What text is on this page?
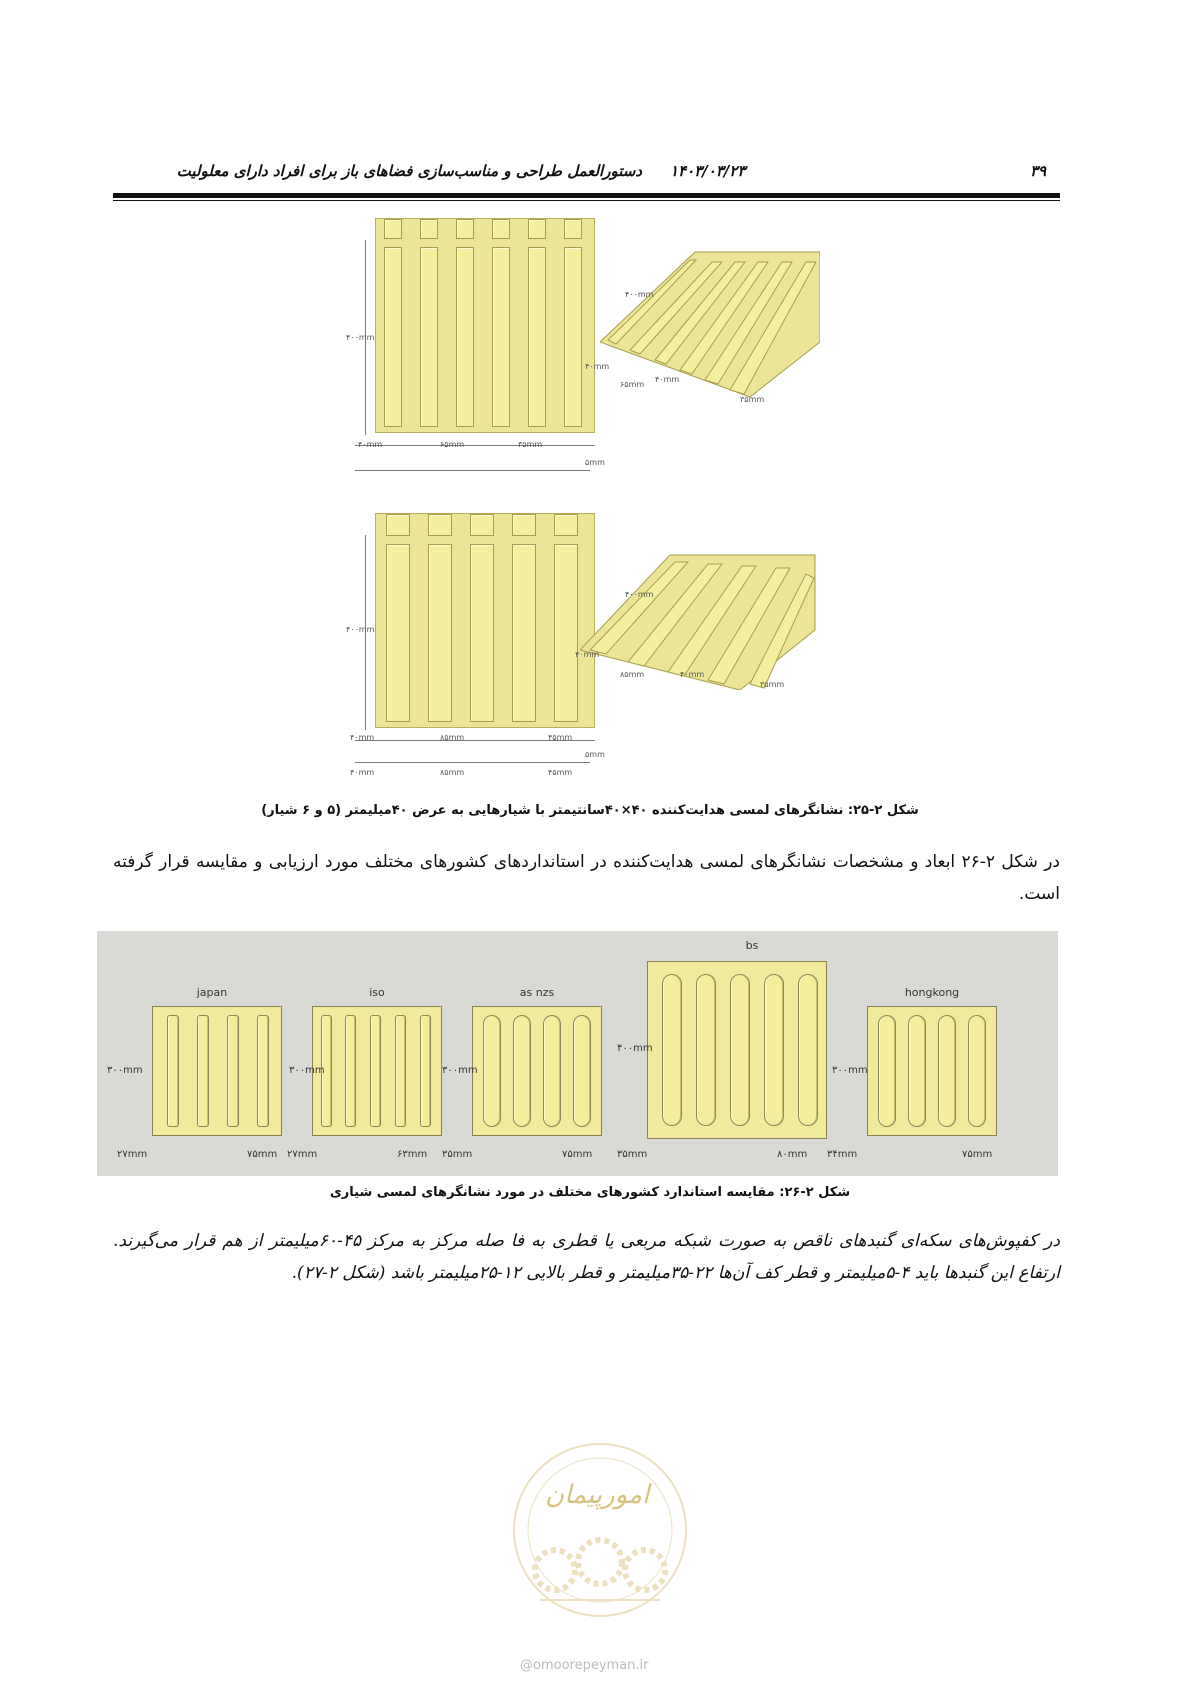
۳۹
۱۴۰۳/۰۳/۲۳
دستورالعمل طراحی و مناسب‌سازی فضاهای باز برای افراد دارای معلولیت
۴۰۰mm
۴۰mm	۶۵mm	۳۵mm
۵mm
۴۰۰mm
۴۰mm
۶۵mm
۴۰mm
۳۵mm
۴۰۰mm
۴۰mm	۸۵mm	۴۵mm
۴۰mm	۸۵mm	۴۵mm
۵mm
۴۰۰mm
۴۰mm
۸۵mm	۴۰mm
۳۵mm
شکل ۲-۲۵: نشانگرهای لمسی هدایت‌کننده ۴۰×۴۰سانتیمتر با شیارهایی به عرض ۴۰میلیمتر (۵ و ۶ شیار)
در شکل ۲-۲۶ ابعاد و مشخصات نشانگرهای لمسی هدایت‌کننده در استانداردهای کشورهای مختلف مورد ارزیابی و مقایسه قرار گرفته است.
japan
۳۰۰mm
۲۷mm	۷۵mm
iso
۳۰۰mm
۲۷mm	۶۳mm
as nzs
۳۰۰mm
۳۵mm	۷۵mm
bs
۴۰۰mm
۳۵mm	۸۰mm
hongkong
۳۰۰mm
۳۴mm	۷۵mm
شکل ۲-۲۶: مقایسه استاندارد کشورهای مختلف در مورد نشانگرهای لمسی شیاری
در کفپوش‌های سکه‌ای گنبدهای ناقص به صورت شبکه مربعی یا قطری به فا صله مرکز به مرکز ۴۵-۶۰میلیمتر از هم قرار می‌گیرند. ارتفاع این گنبدها باید ۴-۵میلیمتر و قطر کف آن‌ها ۲۲-۳۵میلیمتر و قطر بالایی ۱۲-۲۵میلیمتر باشد (شکل ۲-۲۷).
امورپیمان
@omoorepeyman.ir
